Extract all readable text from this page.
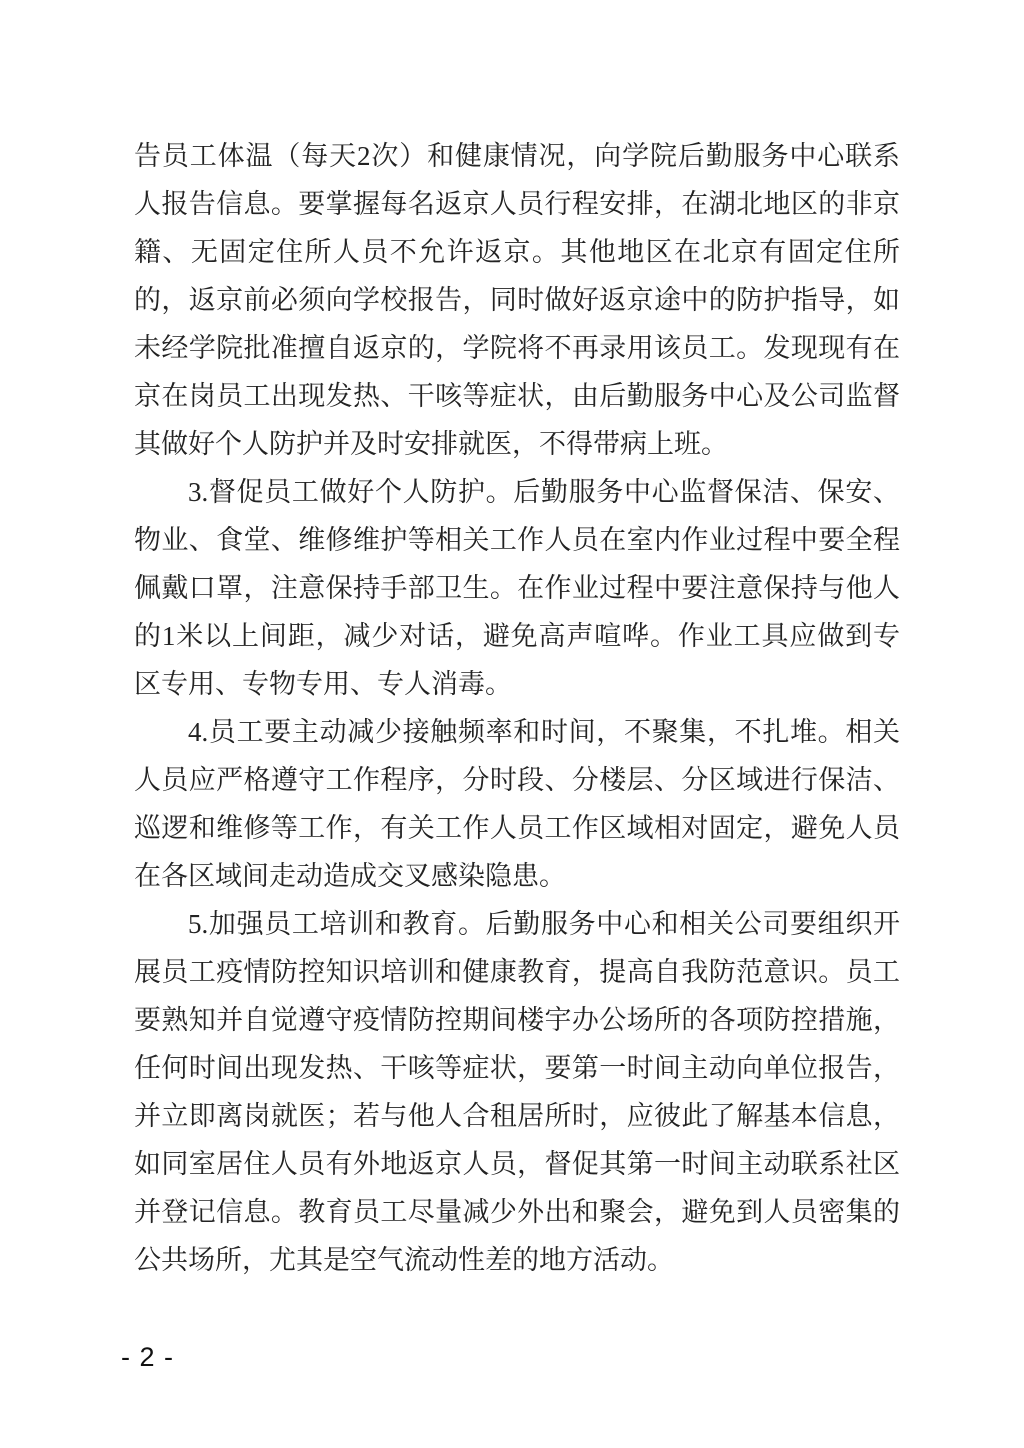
告员工体温（每天2次）和健康情况，向学院后勤服务中心联系人报告信息。要掌握每名返京人员行程安排，在湖北地区的非京籍、无固定住所人员不允许返京。其他地区在北京有固定住所的，返京前必须向学校报告，同时做好返京途中的防护指导，如未经学院批准擅自返京的，学院将不再录用该员工。发现现有在京在岗员工出现发热、干咳等症状，由后勤服务中心及公司监督其做好个人防护并及时安排就医，不得带病上班。

3.督促员工做好个人防护。后勤服务中心监督保洁、保安、物业、食堂、维修维护等相关工作人员在室内作业过程中要全程佩戴口罩，注意保持手部卫生。在作业过程中要注意保持与他人的1米以上间距，减少对话，避免高声喧哗。作业工具应做到专区专用、专物专用、专人消毒。

4.员工要主动减少接触频率和时间，不聚集，不扎堆。相关人员应严格遵守工作程序，分时段、分楼层、分区域进行保洁、巡逻和维修等工作，有关工作人员工作区域相对固定，避免人员在各区域间走动造成交叉感染隐患。

5.加强员工培训和教育。后勤服务中心和相关公司要组织开展员工疫情防控知识培训和健康教育，提高自我防范意识。员工要熟知并自觉遵守疫情防控期间楼宇办公场所的各项防控措施，任何时间出现发热、干咳等症状，要第一时间主动向单位报告，并立即离岗就医；若与他人合租居所时，应彼此了解基本信息，如同室居住人员有外地返京人员，督促其第一时间主动联系社区并登记信息。教育员工尽量减少外出和聚会，避免到人员密集的公共场所，尤其是空气流动性差的地方活动。

- 2 -
